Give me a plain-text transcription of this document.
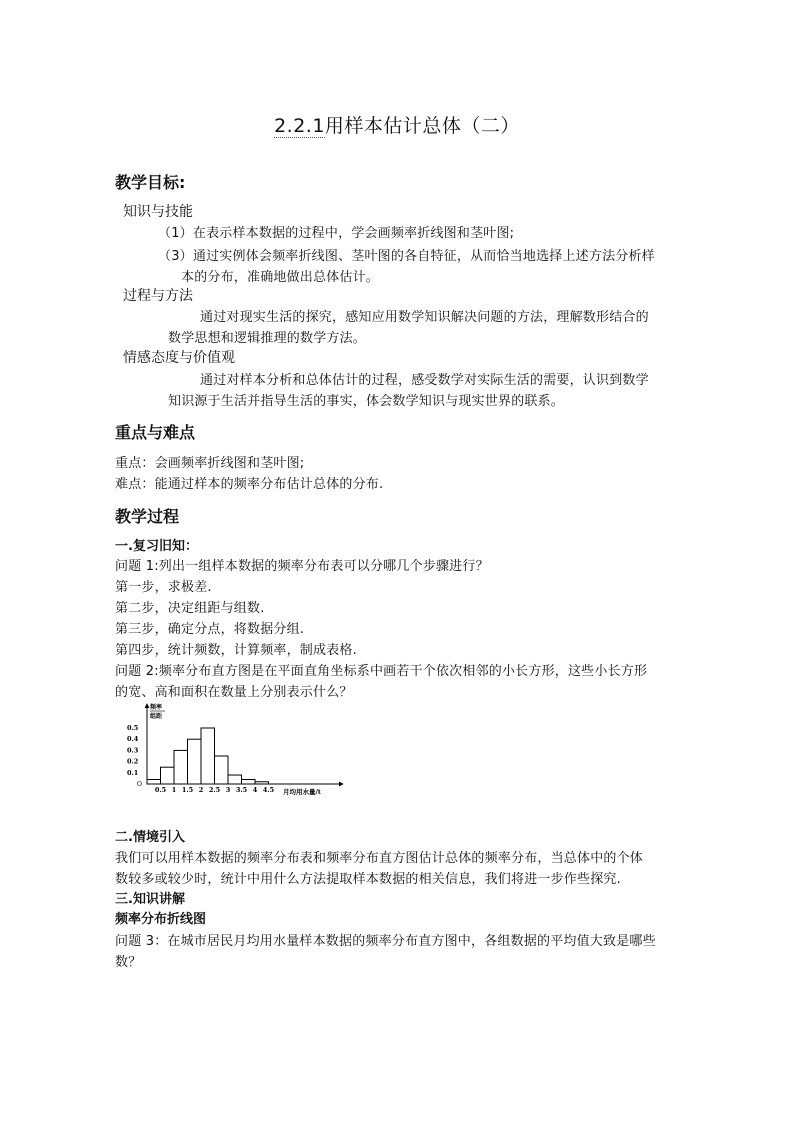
2.2.1用样本估计总体（二）
教学目标:
知识与技能
（1）在表示样本数据的过程中，学会画频率折线图和茎叶图;
（3）通过实例体会频率折线图、茎叶图的各自特征，从而恰当地选择上述方法分析样
本的分布，准确地做出总体估计。
过程与方法
通过对现实生活的探究，感知应用数学知识解决问题的方法，理解数形结合的
数学思想和逻辑推理的数学方法。
情感态度与价值观
通过对样本分析和总体估计的过程，感受数学对实际生活的需要，认识到数学
知识源于生活并指导生活的事实，体会数学知识与现实世界的联系。
重点与难点
重点：会画频率折线图和茎叶图;
难点：能通过样本的频率分布估计总体的分布.
教学过程
一.复习旧知：
问题 1:列出一组样本数据的频率分布表可以分哪几个步骤进行？
第一步，求极差.
第二步，决定组距与组数.
第三步，确定分点，将数据分组.
第四步，统计频数，计算频率，制成表格.
问题 2:频率分布直方图是在平面直角坐标系中画若干个依次相邻的小长方形，这些小长方形
的宽、高和面积在数量上分别表示什么？
频率
组距
O
月均用水量/t
0.5
0.4
0.3
0.2
0.1
0.5 1 1.5 2 2.5 3 3.5 4 4.5
二.情境引入
我们可以用样本数据的频率分布表和频率分布直方图估计总体的频率分布，当总体中的个体
数较多或较少时，统计中用什么方法提取样本数据的相关信息，我们将进一步作些探究.
三.知识讲解
频率分布折线图
问题 3：在城市居民月均用水量样本数据的频率分布直方图中，各组数据的平均值大致是哪些
数？
